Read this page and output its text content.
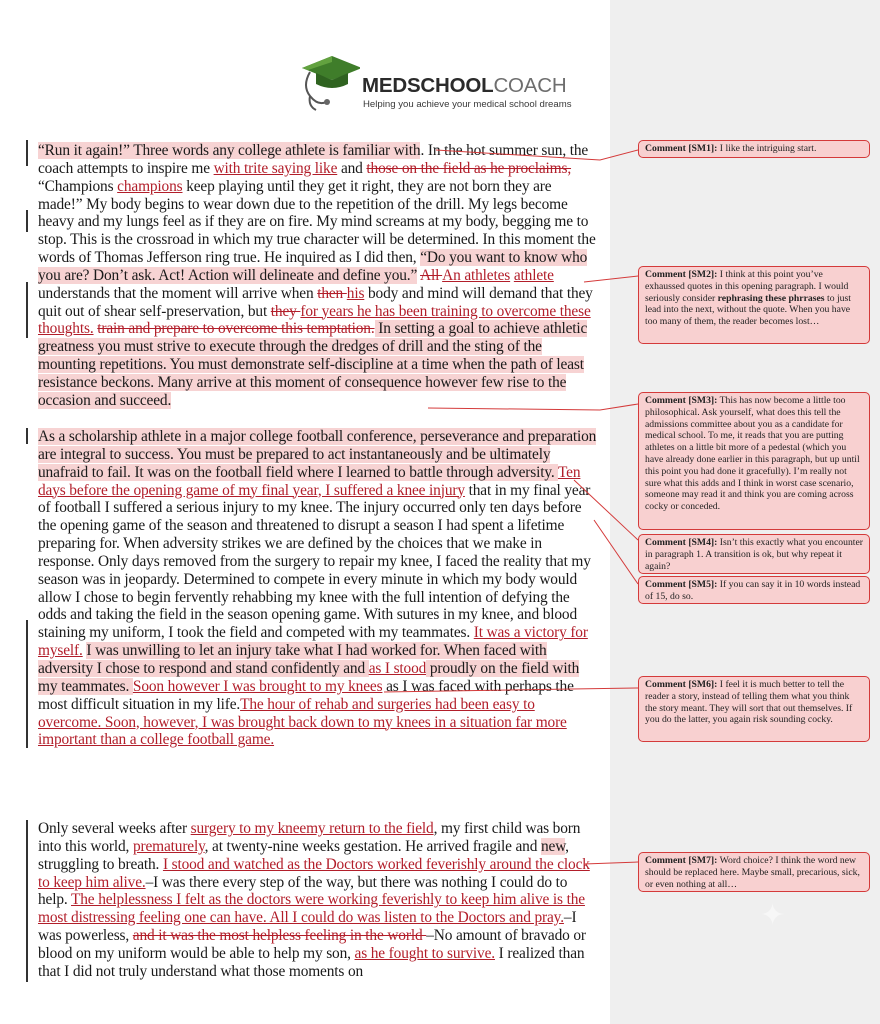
MEDSCHOOLCOACH
Helping you achieve your medical school dreams

“Run it again!” Three words any college athlete is familiar with. In the hot summer sun, the coach attempts to inspire me with trite saying like and those on the field as he proclaims, “Champions champions keep playing until they get it right, they are not born they are made!” My body begins to wear down due to the repetition of the drill. My legs become heavy and my lungs feel as if they are on fire. My mind screams at my body, begging me to stop. This is the crossroad in which my true character will be determined. In this moment the words of Thomas Jefferson ring true. He inquired as I did then, “Do you want to know who you are? Don’t ask. Act! Action will delineate and define you.” All An athletes athlete understands that the moment will arrive when then his body and mind will demand that they quit out of shear self-preservation, but they for years he has been training to overcome these thoughts. train and prepare to overcome this temptation. In setting a goal to achieve athletic greatness you must strive to execute through the dredges of drill and the sting of the mounting repetitions. You must demonstrate self-discipline at a time when the path of least resistance beckons. Many arrive at this moment of consequence however few rise to the occasion and succeed.

As a scholarship athlete in a major college football conference, perseverance and preparation are integral to success. You must be prepared to act instantaneously and be ultimately unafraid to fail. It was on the football field where I learned to battle through adversity. Ten days before the opening game of my final year, I suffered a knee injury that in my final year of football I suffered a serious injury to my knee. The injury occurred only ten days before the opening game of the season and threatened to disrupt a season I had spent a lifetime preparing for. When adversity strikes we are defined by the choices that we make in response. Only days removed from the surgery to repair my knee, I faced the reality that my season was in jeopardy. Determined to compete in every minute in which my body would allow I chose to begin fervently rehabbing my knee with the full intention of defying the odds and taking the field in the season opening game. With sutures in my knee, and blood staining my uniform, I took the field and competed with my teammates. It was a victory for myself. I was unwilling to let an injury take what I had worked for. When faced with adversity I chose to respond and stand confidently and as I stood proudly on the field with my teammates. Soon however I was brought to my knees as I was faced with perhaps the most difficult situation in my life.The hour of rehab and surgeries had been easy to overcome. Soon, however, I was brought back down to my knees in a situation far more important than a college football game.

Only several weeks after surgery to my kneemy return to the field, my first child was born into this world, prematurely, at twenty-nine weeks gestation. He arrived fragile and new, struggling to breath. I stood and watched as the Doctors worked feverishly around the clock to keep him alive.–I was there every step of the way, but there was nothing I could do to help. The helplessness I felt as the doctors were working feverishly to keep him alive is the most distressing feeling one can have. All I could do was listen to the Doctors and pray.–I was powerless, and it was the most helpless feeling in the world –No amount of bravado or blood on my uniform would be able to help my son, as he fought to survive. I realized than that I did not truly understand what those moments on

Comment [SM1]: I like the intriguing start.
Comment [SM2]: I think at this point you’ve exhaussed quotes in this opening paragraph. I would seriously consider rephrasing these phrrases to just lead into the next, without the quote. When you have too many of them, the reader becomes lost…
Comment [SM3]: This has now become a little too philosophical. Ask yourself, what does this tell the admissions committee about you as a candidate for medical school. To me, it reads that you are putting athletes on a little bit more of a pedestal (which you have already done earlier in this paragraph, but up until this point you had done it gracefully). I’m really not sure what this adds and I think in worst case scenario, someone may read it and think you are coming across cocky or conceded.
Comment [SM4]: Isn’t this exactly what you encounter in paragraph 1. A transition is ok, but why repeat it again?
Comment [SM5]: If you can say it in 10 words instead of 15, do so.
Comment [SM6]: I feel it is much better to tell the reader a story, instead of telling them what you think the story meant. They will sort that out themselves. If you do the latter, you again risk sounding cocky.
Comment [SM7]: Word choice? I think the word new should be replaced here. Maybe small, precarious, sick, or even nothing at all…
✦
